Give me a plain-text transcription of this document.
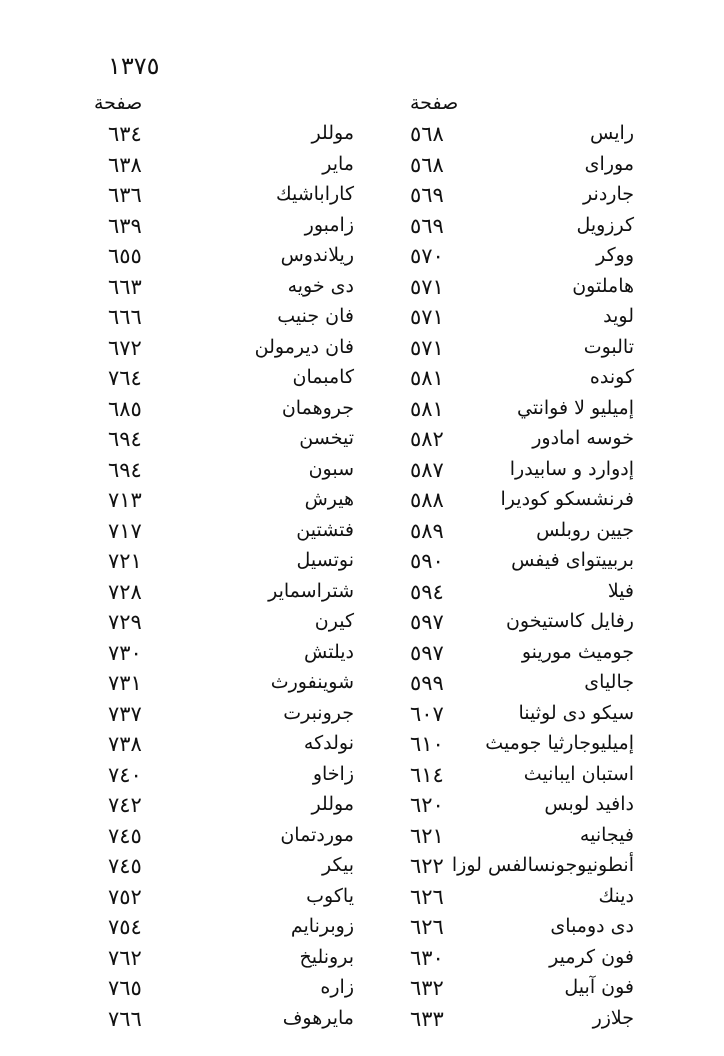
١٣٧٥
صفحة	صفحة
٦٣٤	موللر	٥٦٨	رايس
٦٣٨	ماير	٥٦٨	موراى
٦٣٦	كاراباشيك	٥٦٩	جاردنر
٦٣٩	زامبور	٥٦٩	كرزويل
٦٥٥	ريلاندوس	٥٧٠	ووكر
٦٦٣	دى خويه	٥٧١	هاملتون
٦٦٦	فان جنيب	٥٧١	لويد
٦٧٢	فان ديرمولن	٥٧١	تالبوت
٧٦٤	كامبمان	٥٨١	كونده
٦٨٥	جروهمان	٥٨١	إميليو لا فوانتي
٦٩٤	تيخسن	٥٨٢	خوسه امادور
٦٩٤	سبون	٥٨٧	إدوارد و سابيدرا
٧١٣	هيرش	٥٨٨	فرنشسكو كوديرا
٧١٧	فتشتين	٥٨٩	جيين روبلس
٧٢١	نوتسيل	٥٩٠	بربييتواى فيفس
٧٢٨	شتراسماير	٥٩٤	فيلا
٧٢٩	كيرن	٥٩٧	رفايل كاستيخون
٧٣٠	ديلتش	٥٩٧	جوميث مورينو
٧٣١	شوينفورث	٥٩٩	جالياى
٧٣٧	جرونبرت	٦٠٧	سيكو دى لوثينا
٧٣٨	نولدكه	٦١٠ إميليوجارثيا جوميث
٧٤٠	زاخاو	٦١٤	استبان ايبانيث
٧٤٢	موللر	٦٢٠	دافيد لوبس
٧٤٥	موردتمان	٦٢١	فيجانيه
٧٤٥	بيكر	٦٢٢ أنطونيوجونسالفس لوزا
٧٥٢	ياكوب	٦٢٦	دينك
٧٥٤	زوبرنايم	٦٢٦	دى دومباى
٧٦٢	برونليخ	٦٣٠	فون كرمير
٧٦٥	زاره	٦٣٢	فون آبيل
٧٦٦	مايرهوف	٦٣٣	جلازر
